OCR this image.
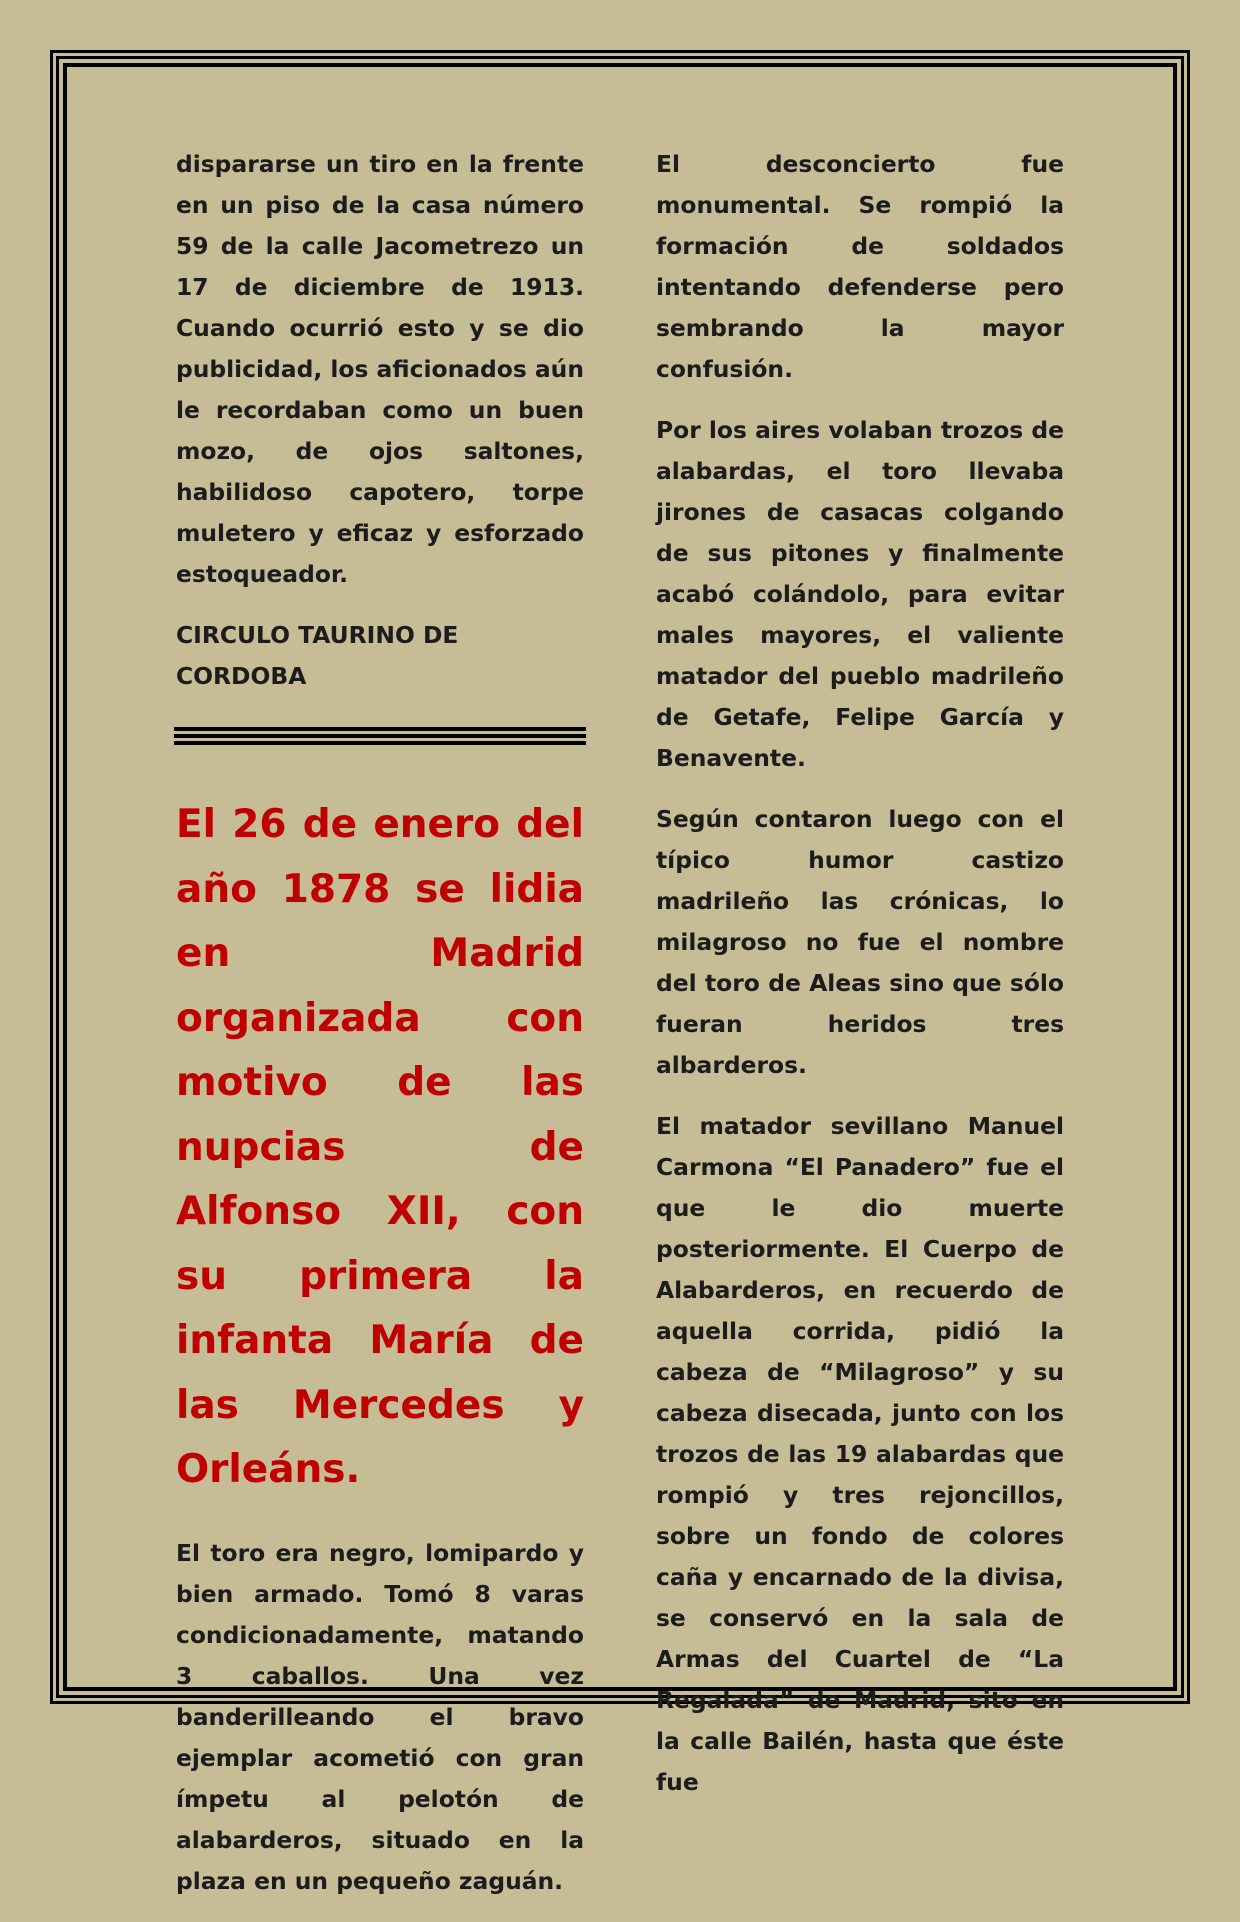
dispararse un tiro en la frente en un piso de la casa número 59 de la calle Jacometrezo un 17 de diciembre de 1913. Cuando ocurrió esto y se dio publicidad, los aficionados aún le recordaban como un buen mozo, de ojos saltones, habilidoso capotero, torpe muletero y eficaz y esforzado estoqueador.

CIRCULO TAURINO DE CORDOBA

El 26 de enero del año 1878 se lidia en Madrid organizada con motivo de las nupcias de Alfonso XII, con su primera la infanta María de las Mercedes y Orleáns.

El toro era negro, lomipardo y bien armado. Tomó 8 varas condicionadamente, matando 3 caballos. Una vez banderilleando el bravo ejemplar acometió con gran ímpetu al pelotón de alabarderos, situado en la plaza en un pequeño zaguán.

El desconcierto fue monumental. Se rompió la formación de soldados intentando defenderse pero sembrando la mayor confusión.

Por los aires volaban trozos de alabardas, el toro llevaba jirones de casacas colgando de sus pitones y finalmente acabó colándolo, para evitar males mayores, el valiente matador del pueblo madrileño de Getafe, Felipe García y Benavente.

Según contaron luego con el típico humor castizo madrileño las crónicas, lo milagroso no fue el nombre del toro de Aleas sino que sólo fueran heridos tres albarderos.

El matador sevillano Manuel Carmona “El Panadero” fue el que le dio muerte posteriormente. El Cuerpo de Alabarderos, en recuerdo de aquella corrida, pidió la cabeza de “Milagroso” y su cabeza disecada, junto con los trozos de las 19 alabardas que rompió y tres rejoncillos, sobre un fondo de colores caña y encarnado de la divisa, se conservó en la sala de Armas del Cuartel de “La Regalada” de Madrid, sito en la calle Bailén, hasta que éste fue
